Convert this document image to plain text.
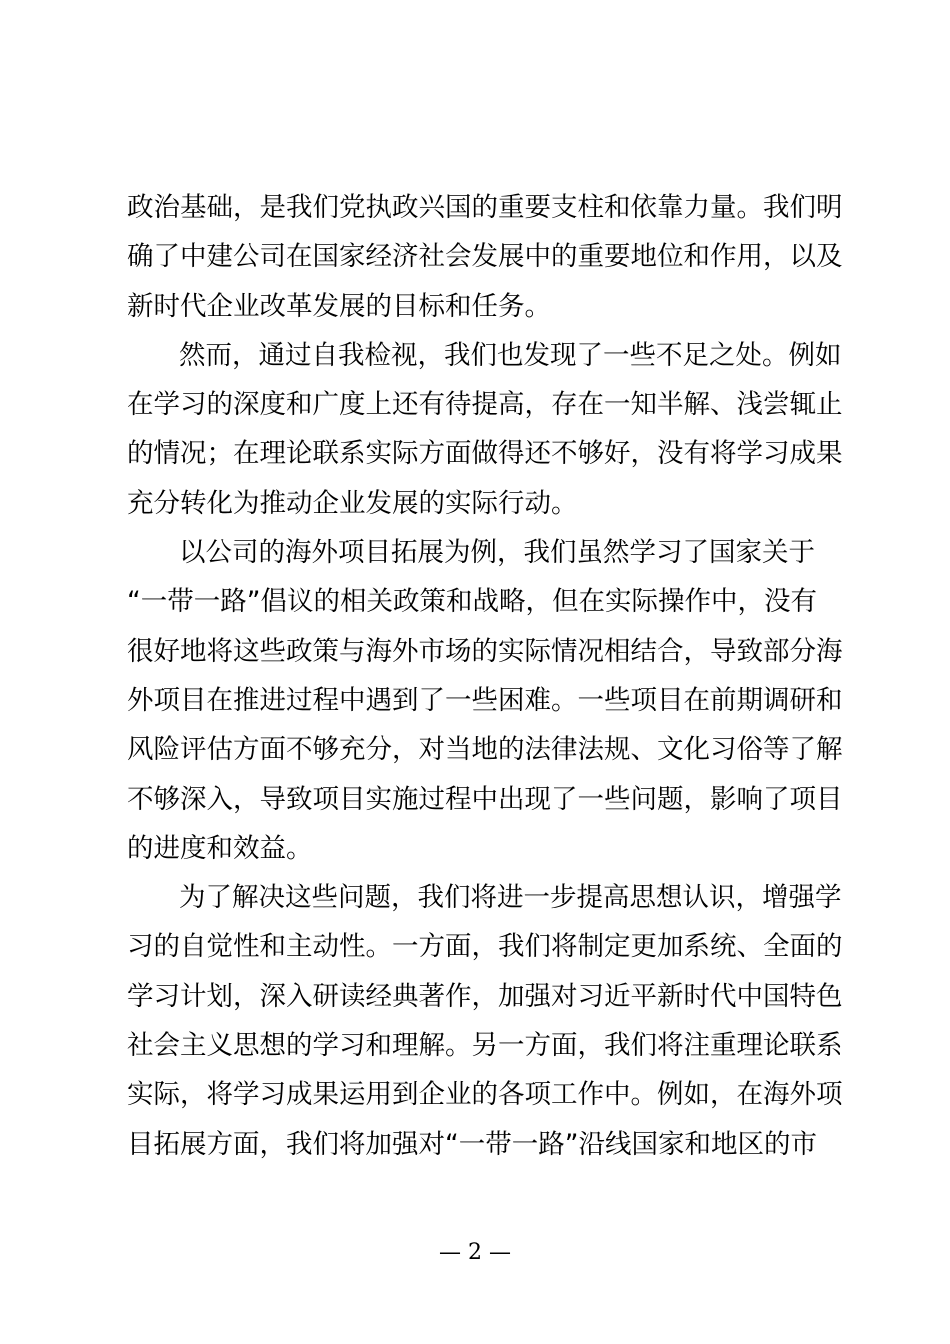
政治基础，是我们党执政兴国的重要支柱和依靠力量。我们明
确了中建公司在国家经济社会发展中的重要地位和作用，以及
新时代企业改革发展的目标和任务。
然而，通过自我检视，我们也发现了一些不足之处。例如
在学习的深度和广度上还有待提高，存在一知半解、浅尝辄止
的情况；在理论联系实际方面做得还不够好，没有将学习成果
充分转化为推动企业发展的实际行动。
以公司的海外项目拓展为例，我们虽然学习了国家关于
“一带一路”倡议的相关政策和战略，但在实际操作中，没有
很好地将这些政策与海外市场的实际情况相结合，导致部分海
外项目在推进过程中遇到了一些困难。一些项目在前期调研和
风险评估方面不够充分，对当地的法律法规、文化习俗等了解
不够深入，导致项目实施过程中出现了一些问题，影响了项目
的进度和效益。
为了解决这些问题，我们将进一步提高思想认识，增强学
习的自觉性和主动性。一方面，我们将制定更加系统、全面的
学习计划，深入研读经典著作，加强对习近平新时代中国特色
社会主义思想的学习和理解。另一方面，我们将注重理论联系
实际，将学习成果运用到企业的各项工作中。例如，在海外项
目拓展方面，我们将加强对“一带一路”沿线国家和地区的市
— 2 —
